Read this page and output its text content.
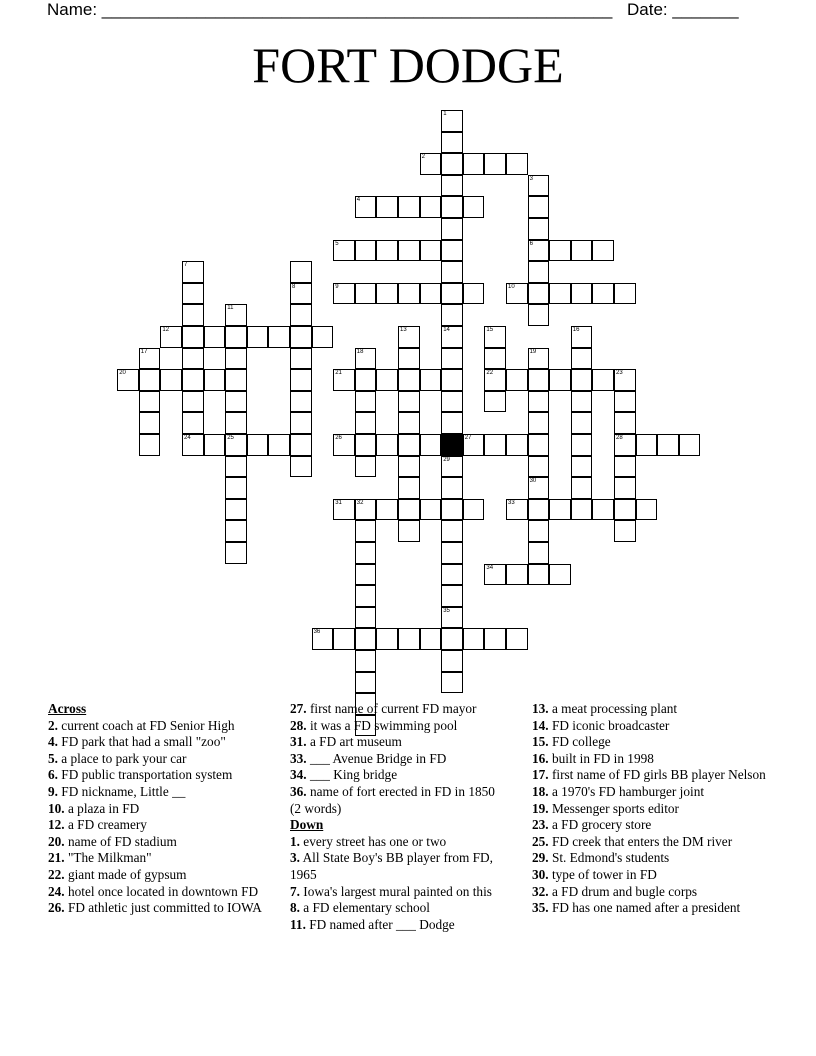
Name: ______________________________________________________ Date: _______
FORT DODGE
2
4
5	6
9	10
12
20	21	22	23
24	25	26	27	28
31 32	33
34
36
1
14
29
35
3
7
8
11
13	15	16
17	18	19
30
Across
2. current coach at FD Senior High
4. FD park that had a small "zoo"
5. a place to park your car
6. FD public transportation system
9. FD nickname, Little __
10. a plaza in FD
12. a FD creamery
20. name of FD stadium
21. "The Milkman"
22. giant made of gypsum
24. hotel once located in downtown FD
26. FD athletic just committed to IOWA
27. first name of current FD mayor
28. it was a FD swimming pool
31. a FD art museum
33. ___ Avenue Bridge in FD
34. ___ King bridge
36. name of fort erected in FD in 1850 (2 words)
Down
1. every street has one or two
3. All State Boy's BB player from FD, 1965
7. Iowa's largest mural painted on this
8. a FD elementary school
11. FD named after ___ Dodge
13. a meat processing plant
14. FD iconic broadcaster
15. FD college
16. built in FD in 1998
17. first name of FD girls BB player Nelson
18. a 1970's FD hamburger joint
19. Messenger sports editor
23. a FD grocery store
25. FD creek that enters the DM river
29. St. Edmond's students
30. type of tower in FD
32. a FD drum and bugle corps
35. FD has one named after a president
